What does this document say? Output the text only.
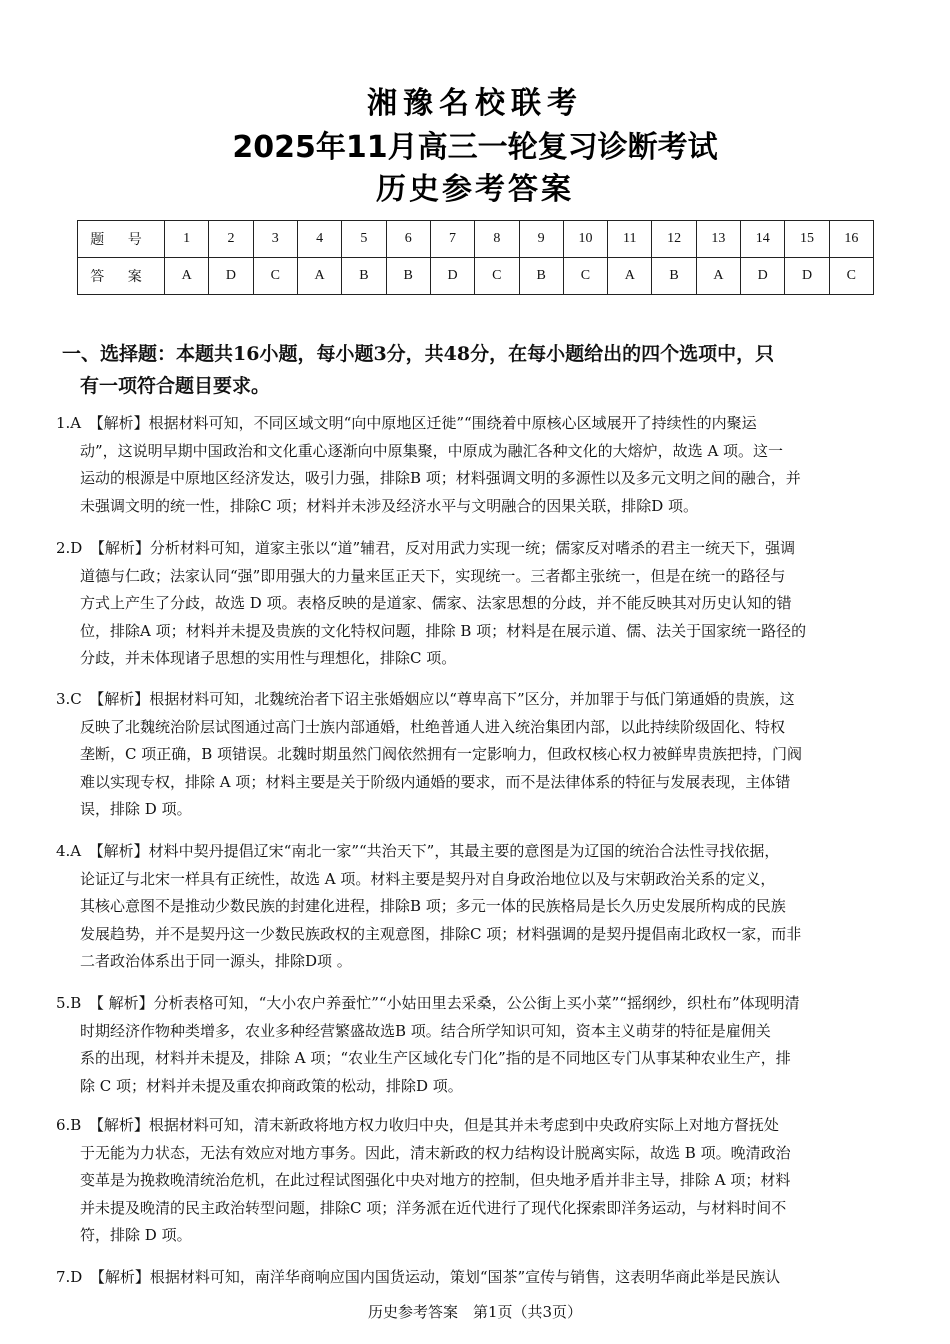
湘豫名校联考
2025年11月高三一轮复习诊断考试
历史参考答案
题 号	1	2	3	4	5	6	7	8	9	10	11	12	13	14	15	16
答 案	A	D	C	A	B	B	D	C	B	C	A	B	A	D	D	C
一、选择题：本题共16小题，每小题3分，共48分，在每小题给出的四个选项中，只
有一项符合题目要求。
1.A　【解析】根据材料可知，不同区域文明“向中原地区迁徙”“围绕着中原核心区域展开了持续性的内聚运
动”，这说明早期中国政治和文化重心逐渐向中原集聚，中原成为融汇各种文化的大熔炉，故选 A 项。这一
运动的根源是中原地区经济发达，吸引力强，排除B 项；材料强调文明的多源性以及多元文明之间的融合，并
未强调文明的统一性，排除C 项；材料并未涉及经济水平与文明融合的因果关联，排除D 项。
2.D　【解析】分析材料可知，道家主张以“道”辅君，反对用武力实现一统；儒家反对嗜杀的君主一统天下，强调
道德与仁政；法家认同“强”即用强大的力量来匡正天下，实现统一。三者都主张统一，但是在统一的路径与
方式上产生了分歧，故选 D 项。表格反映的是道家、儒家、法家思想的分歧，并不能反映其对历史认知的错
位，排除A 项；材料并未提及贵族的文化特权问题，排除 B 项；材料是在展示道、儒、法关于国家统一路径的
分歧，并未体现诸子思想的实用性与理想化，排除C 项。
3.C　【解析】根据材料可知，北魏统治者下诏主张婚姻应以“尊卑高下”区分，并加罪于与低门第通婚的贵族，这
反映了北魏统治阶层试图通过高门士族内部通婚，杜绝普通人进入统治集团内部，以此持续阶级固化、特权
垄断，C 项正确，B 项错误。北魏时期虽然门阀依然拥有一定影响力，但政权核心权力被鲜卑贵族把持，门阀
难以实现专权，排除 A 项；材料主要是关于阶级内通婚的要求，而不是法律体系的特征与发展表现，主体错
误，排除 D 项。
4.A　【解析】材料中契丹提倡辽宋“南北一家”“共治天下”，其最主要的意图是为辽国的统治合法性寻找依据，
论证辽与北宋一样具有正统性，故选 A 项。材料主要是契丹对自身政治地位以及与宋朝政治关系的定义，
其核心意图不是推动少数民族的封建化进程，排除B 项；多元一体的民族格局是长久历史发展所构成的民族
发展趋势，并不是契丹这一少数民族政权的主观意图，排除C 项；材料强调的是契丹提倡南北政权一家，而非
二者政治体系出于同一源头，排除D项 。
5.B　【 解析】分析表格可知，“大小农户养蚕忙”“小姑田里去采桑，公公街上买小菜”“摇纲纱，织杜布”体现明清
时期经济作物种类增多，农业多种经营繁盛故选B 项。结合所学知识可知，资本主义萌芽的特征是雇佣关
系的出现，材料并未提及，排除 A 项；“农业生产区域化专门化”指的是不同地区专门从事某种农业生产，排
除 C 项；材料并未提及重农抑商政策的松动，排除D 项。
6.B　【解析】根据材料可知，清末新政将地方权力收归中央，但是其并未考虑到中央政府实际上对地方督抚处
于无能为力状态，无法有效应对地方事务。因此，清末新政的权力结构设计脱离实际，故选 B 项。晚清政治
变革是为挽救晚清统治危机，在此过程试图强化中央对地方的控制，但央地矛盾并非主导，排除 A 项；材料
并未提及晚清的民主政治转型问题，排除C 项；洋务派在近代进行了现代化探索即洋务运动，与材料时间不
符，排除 D 项。
7.D　【解析】根据材料可知，南洋华商响应国内国货运动，策划“国茶”宣传与销售，这表明华商此举是民族认
历史参考答案　第1页（共3页）
